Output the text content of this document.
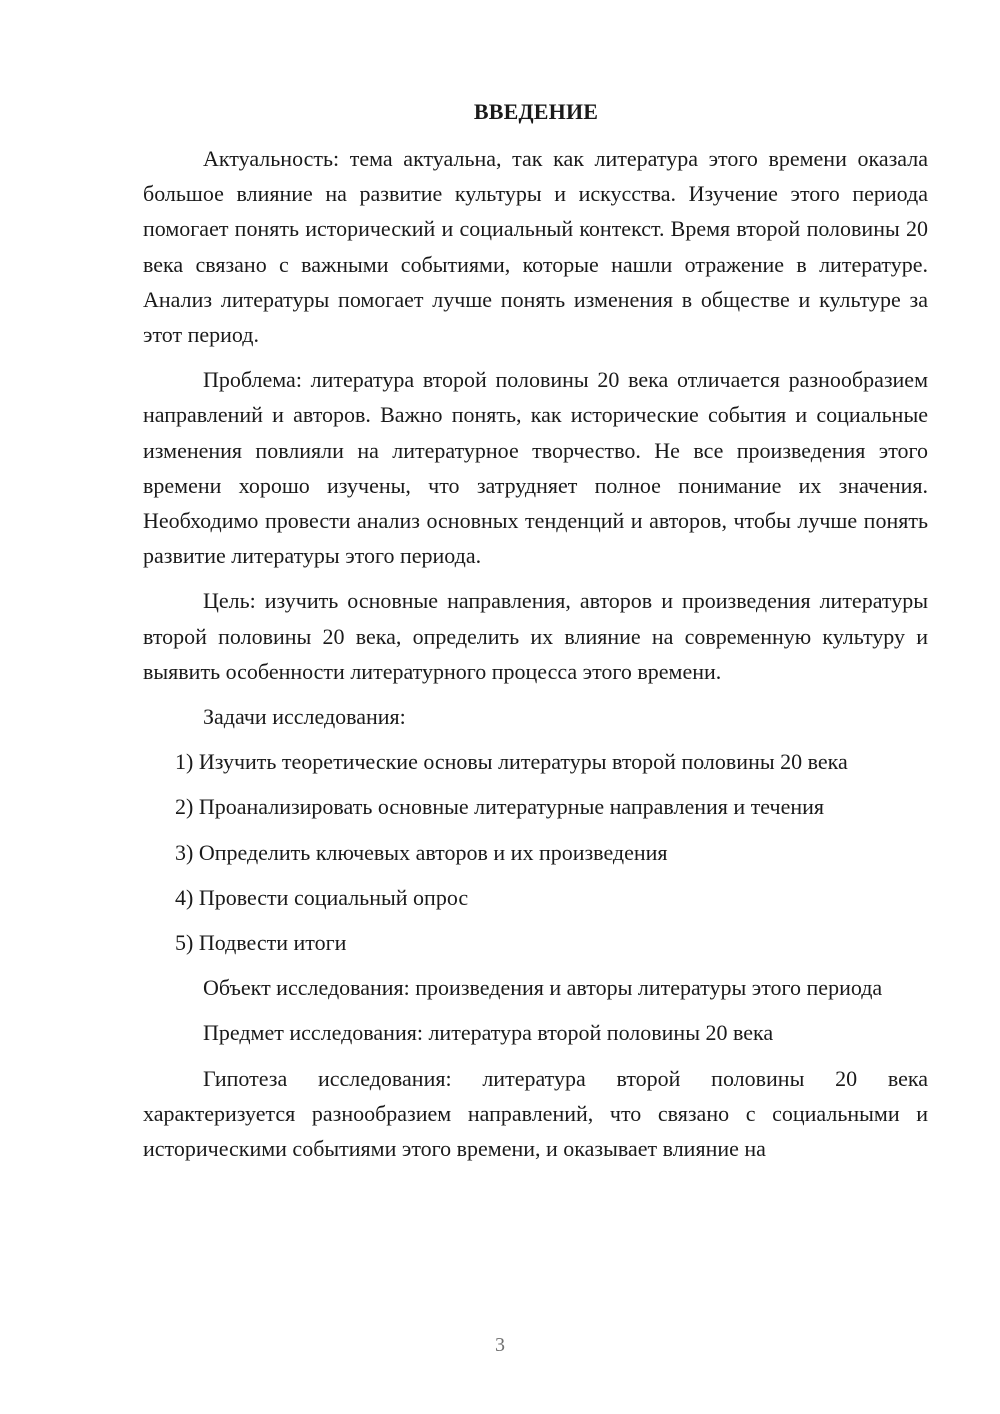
ВВЕДЕНИЕ

Актуальность: тема актуальна, так как литература этого времени оказала большое влияние на развитие культуры и искусства. Изучение этого периода помогает понять исторический и социальный контекст. Время второй половины 20 века связано с важными событиями, которые нашли отражение в литературе. Анализ литературы помогает лучше понять изменения в обществе и культуре за этот период.

Проблема: литература второй половины 20 века отличается разнообразием направлений и авторов. Важно понять, как исторические события и социальные изменения повлияли на литературное творчество. Не все произведения этого времени хорошо изучены, что затрудняет полное понимание их значения. Необходимо провести анализ основных тенденций и авторов, чтобы лучше понять развитие литературы этого периода.

Цель: изучить основные направления, авторов и произведения литературы второй половины 20 века, определить их влияние на современную культуру и выявить особенности литературного процесса этого времени.

Задачи исследования:

1) Изучить теоретические основы литературы второй половины 20 века

2) Проанализировать основные литературные направления и течения

3) Определить ключевых авторов и их произведения

4) Провести социальный опрос

5) Подвести итоги

Объект исследования: произведения и авторы литературы этого периода

Предмет исследования: литература второй половины 20 века

Гипотеза исследования: литература второй половины 20 века характеризуется разнообразием направлений, что связано с социальными и историческими событиями этого времени, и оказывает влияние на

3
